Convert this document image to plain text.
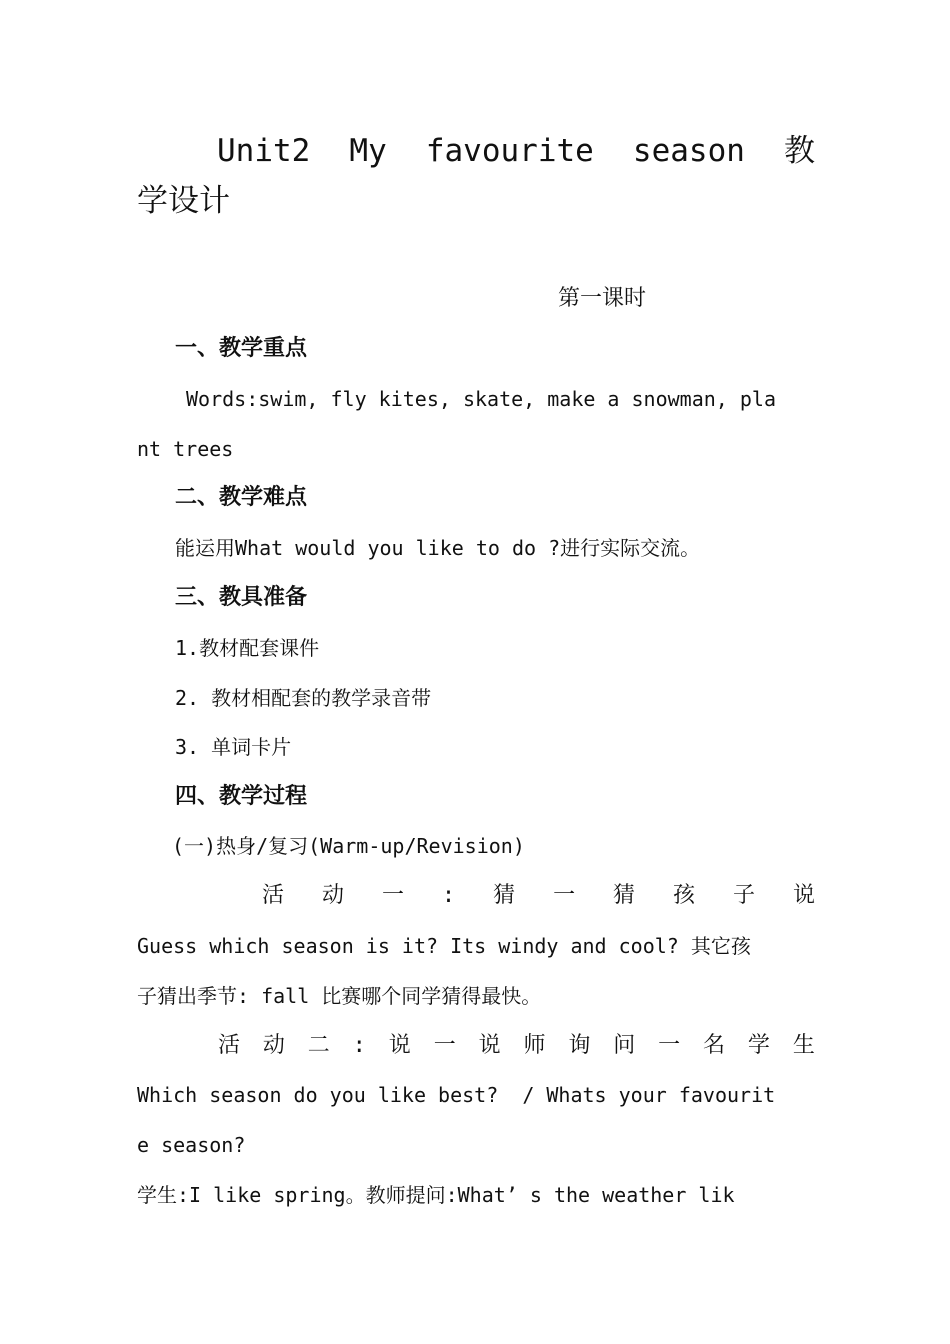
Unit2 My favourite season 教
学设计
第一课时
一、教学重点
Words:swim, fly kites, skate, make a snowman, pla
nt trees
二、教学难点
能运用What would you like to do ?进行实际交流。
三、教具准备
1.教材配套课件
2. 教材相配套的教学录音带
3. 单词卡片
四、教学过程
(一)热身/复习(Warm-up/Revision)
活 动 一 : 猜 一 猜 孩 子 说
Guess which season is it? Its windy and cool? 其它孩
子猜出季节: fall 比赛哪个同学猜得最快。
活 动 二 : 说 一 说 师 询 问 一 名 学 生
Which season do you like best?  / Whats your favourit
e season?
学生:I like spring。教师提问:What’ s the weather lik
